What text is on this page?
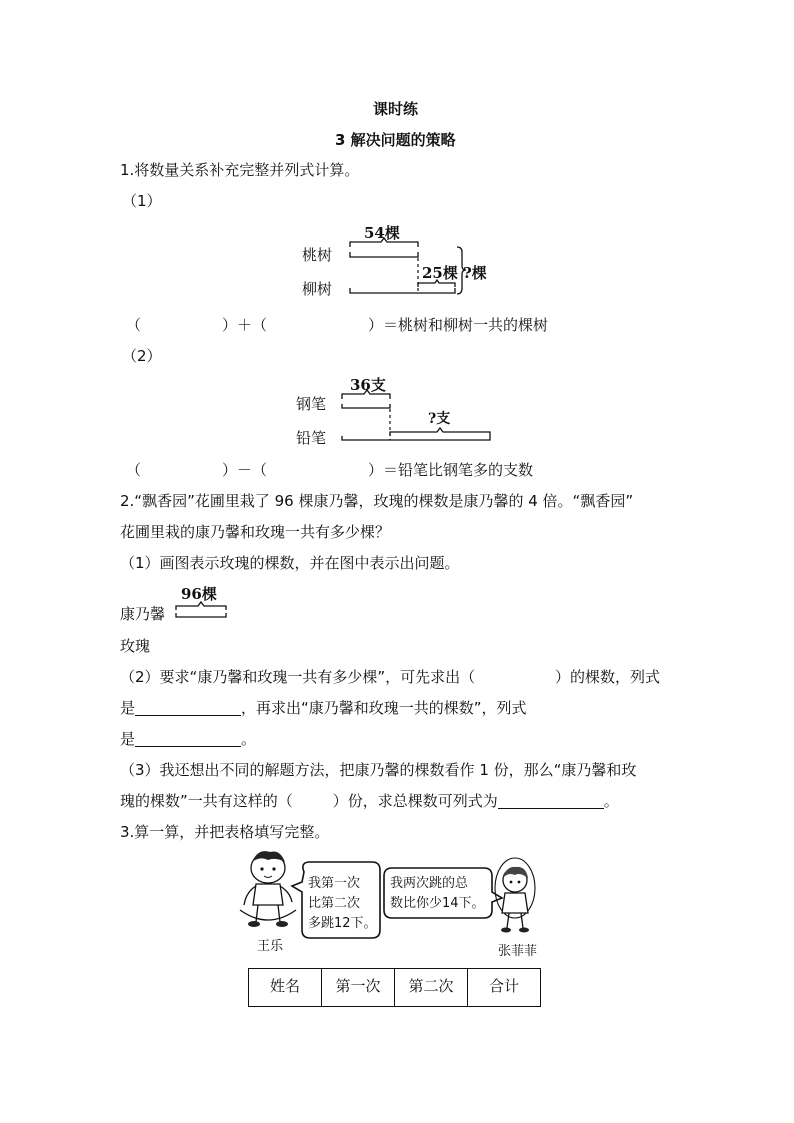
课时练
3 解决问题的策略
1.将数量关系补充完整并列式计算。
（1）
桃树
柳树
54棵
25棵 ?棵
（	）＋（	）＝桃树和柳树一共的棵树
（2）
钢笔
铅笔
36支
?支
（	）－（	）＝铅笔比钢笔多的支数
2.“飘香园”花圃里栽了 96 棵康乃馨，玫瑰的棵数是康乃馨的 4 倍。“飘香园”
花圃里栽的康乃馨和玫瑰一共有多少棵？
（1）画图表示玫瑰的棵数，并在图中表示出问题。
96棵
康乃馨
玫瑰
（2）要求“康乃馨和玫瑰一共有多少棵”，可先求出（	）的棵数，列式
是	，再求出“康乃馨和玫瑰一共的棵数”，列式
是	。
（3）我还想出不同的解题方法，把康乃馨的棵数看作 1 份，那么“康乃馨和玫
瑰的棵数”一共有这样的（	）份，求总棵数可列式为	。
3.算一算，并把表格填写完整。
王乐
我第一次
比第二次
多跳12下。
我两次跳的总
数比你少14下。
张菲菲
姓名	第一次	第二次	合计
